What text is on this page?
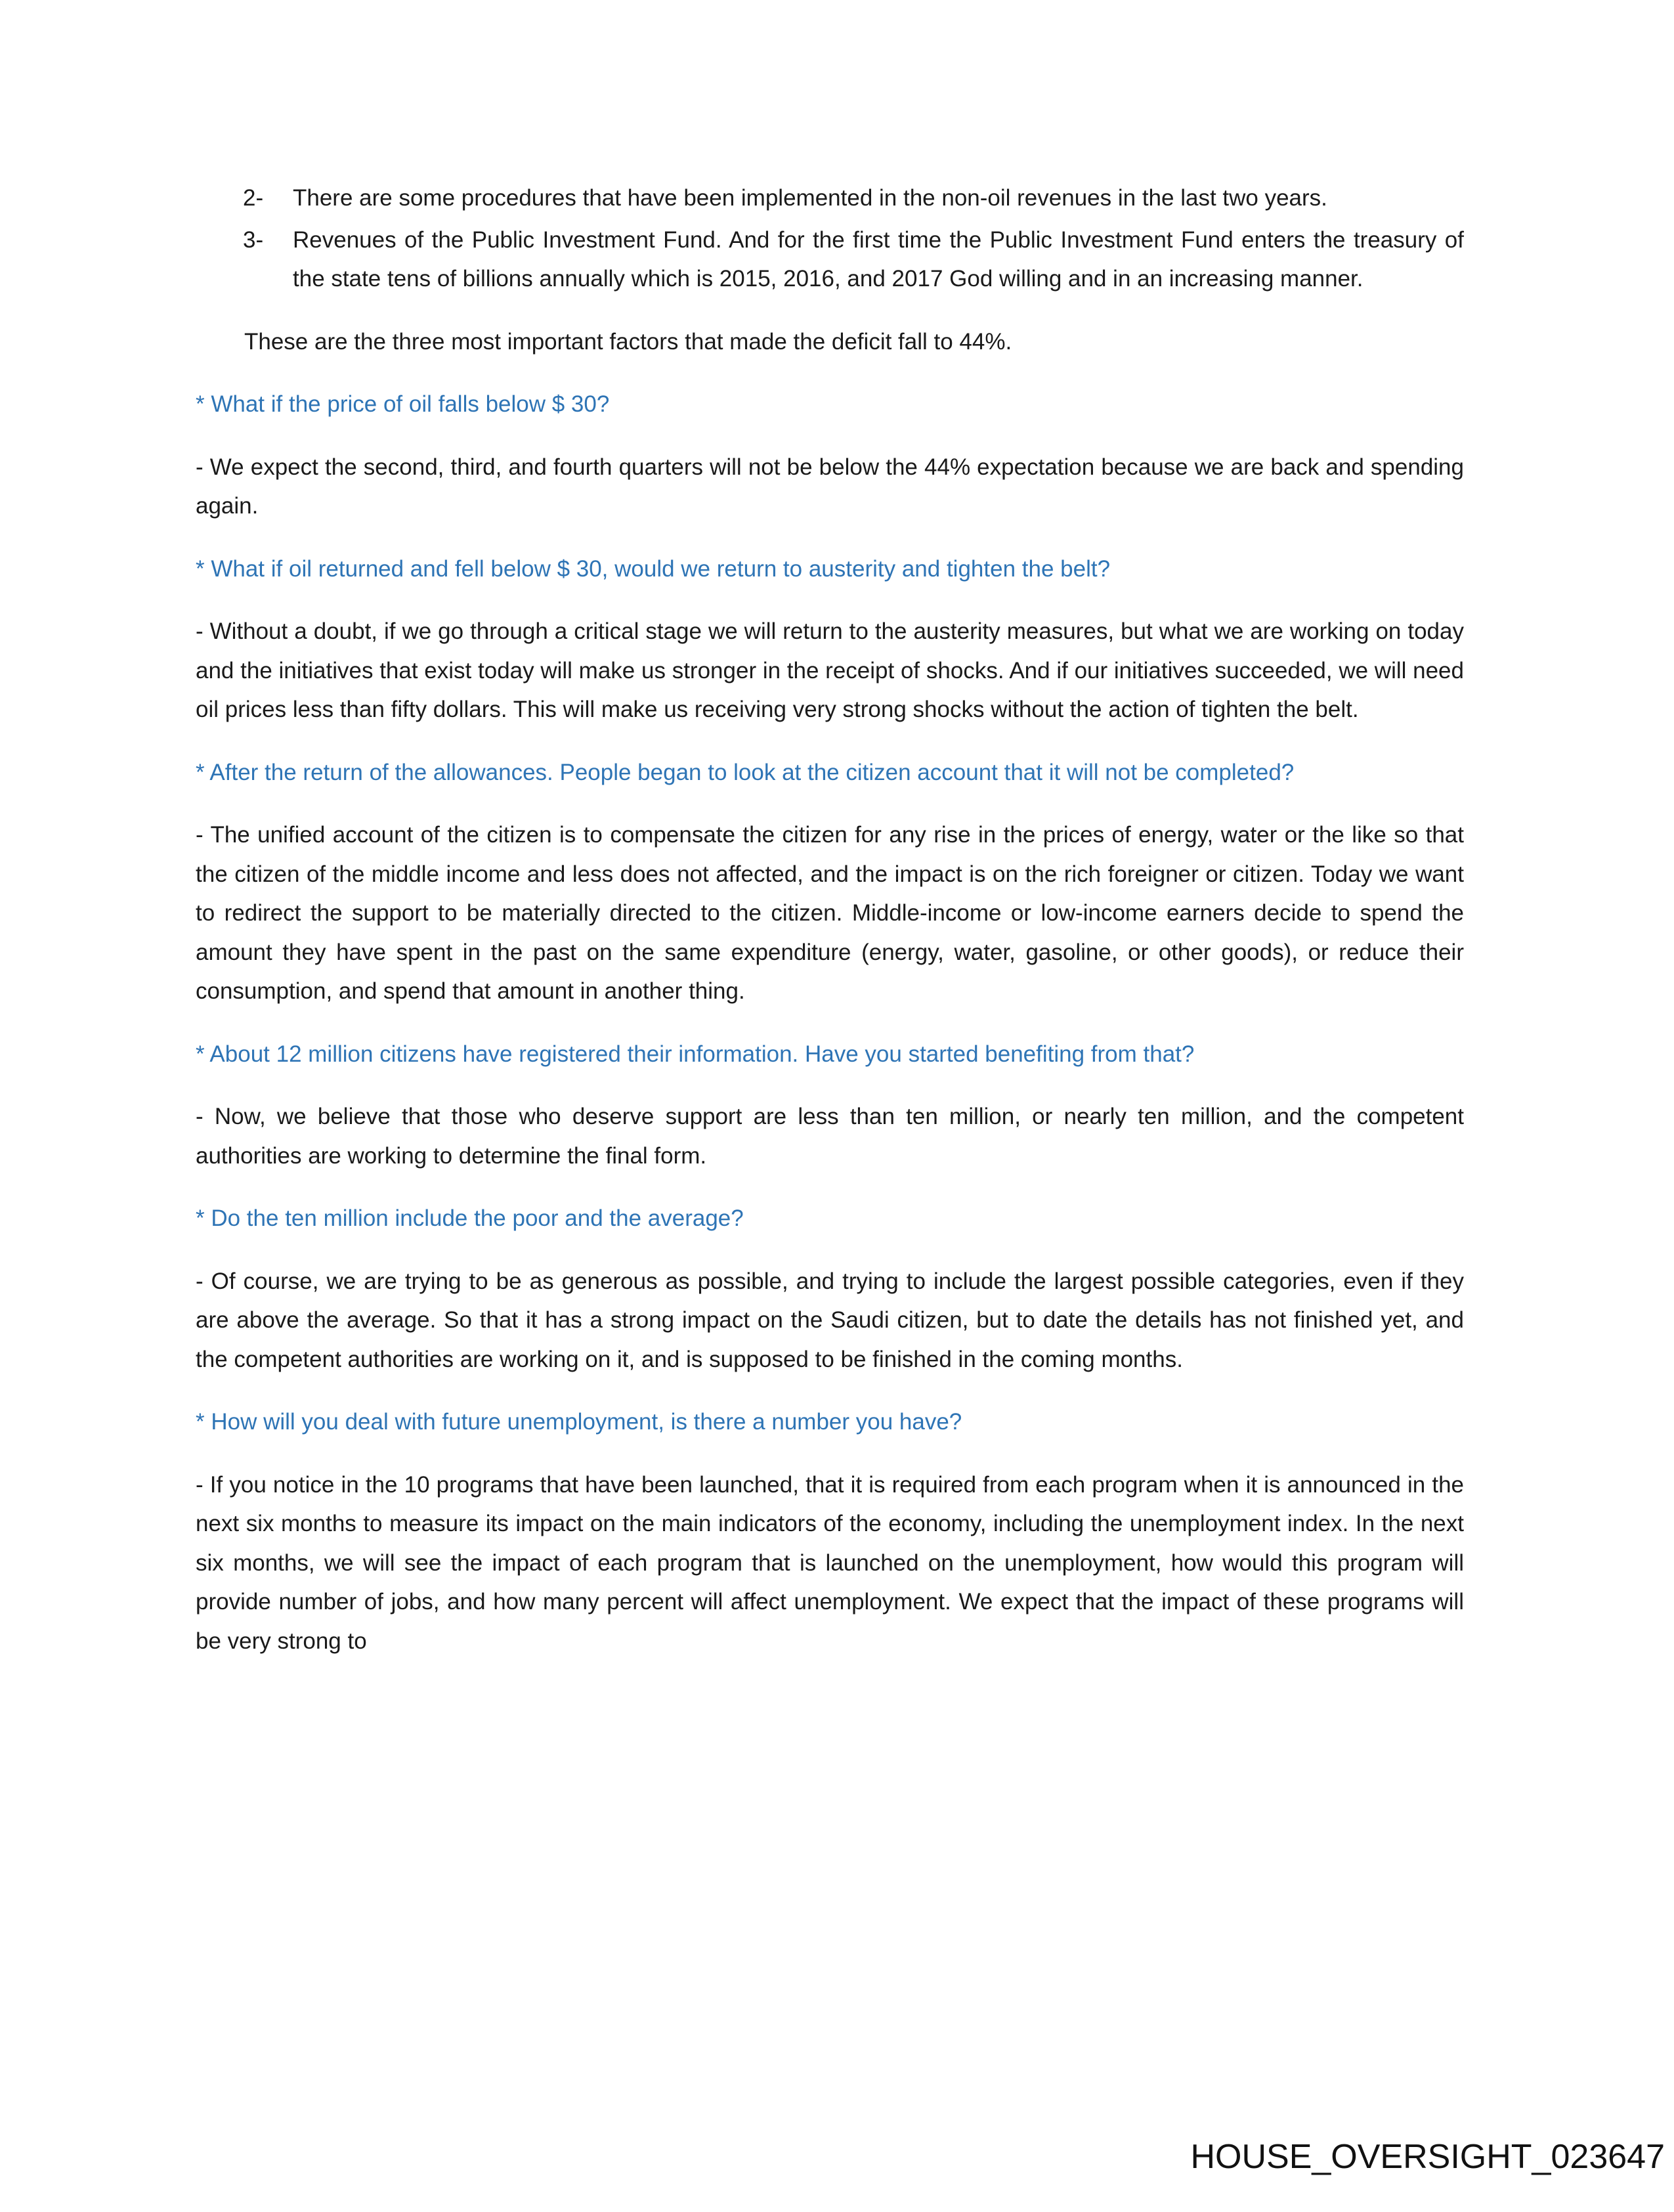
2- There are some procedures that have been implemented in the non-oil revenues in the last two years.
3- Revenues of the Public Investment Fund. And for the first time the Public Investment Fund enters the treasury of the state tens of billions annually which is 2015, 2016, and 2017 God willing and in an increasing manner.

These are the three most important factors that made the deficit fall to 44%.

* What if the price of oil falls below $ 30?

- We expect the second, third, and fourth quarters will not be below the 44% expectation because we are back and spending again.

* What if oil returned and fell below $ 30, would we return to austerity and tighten the belt?

- Without a doubt, if we go through a critical stage we will return to the austerity measures, but what we are working on today and the initiatives that exist today will make us stronger in the receipt of shocks. And if our initiatives succeeded, we will need oil prices less than fifty dollars. This will make us receiving very strong shocks without the action of tighten the belt.

* After the return of the allowances. People began to look at the citizen account that it will not be completed?

- The unified account of the citizen is to compensate the citizen for any rise in the prices of energy, water or the like so that the citizen of the middle income and less does not affected, and the impact is on the rich foreigner or citizen. Today we want to redirect the support to be materially directed to the citizen. Middle-income or low-income earners decide to spend the amount they have spent in the past on the same expenditure (energy, water, gasoline, or other goods), or reduce their consumption, and spend that amount in another thing.

* About 12 million citizens have registered their information. Have you started benefiting from that?

- Now, we believe that those who deserve support are less than ten million, or nearly ten million, and the competent authorities are working to determine the final form.

* Do the ten million include the poor and the average?

- Of course, we are trying to be as generous as possible, and trying to include the largest possible categories, even if they are above the average. So that it has a strong impact on the Saudi citizen, but to date the details has not finished yet, and the competent authorities are working on it, and is supposed to be finished in the coming months.

* How will you deal with future unemployment, is there a number you have?

- If you notice in the 10 programs that have been launched, that it is required from each program when it is announced in the next six months to measure its impact on the main indicators of the economy, including the unemployment index. In the next six months, we will see the impact of each program that is launched on the unemployment, how would this program will provide number of jobs, and how many percent will affect unemployment. We expect that the impact of these programs will be very strong to

HOUSE_OVERSIGHT_023647
